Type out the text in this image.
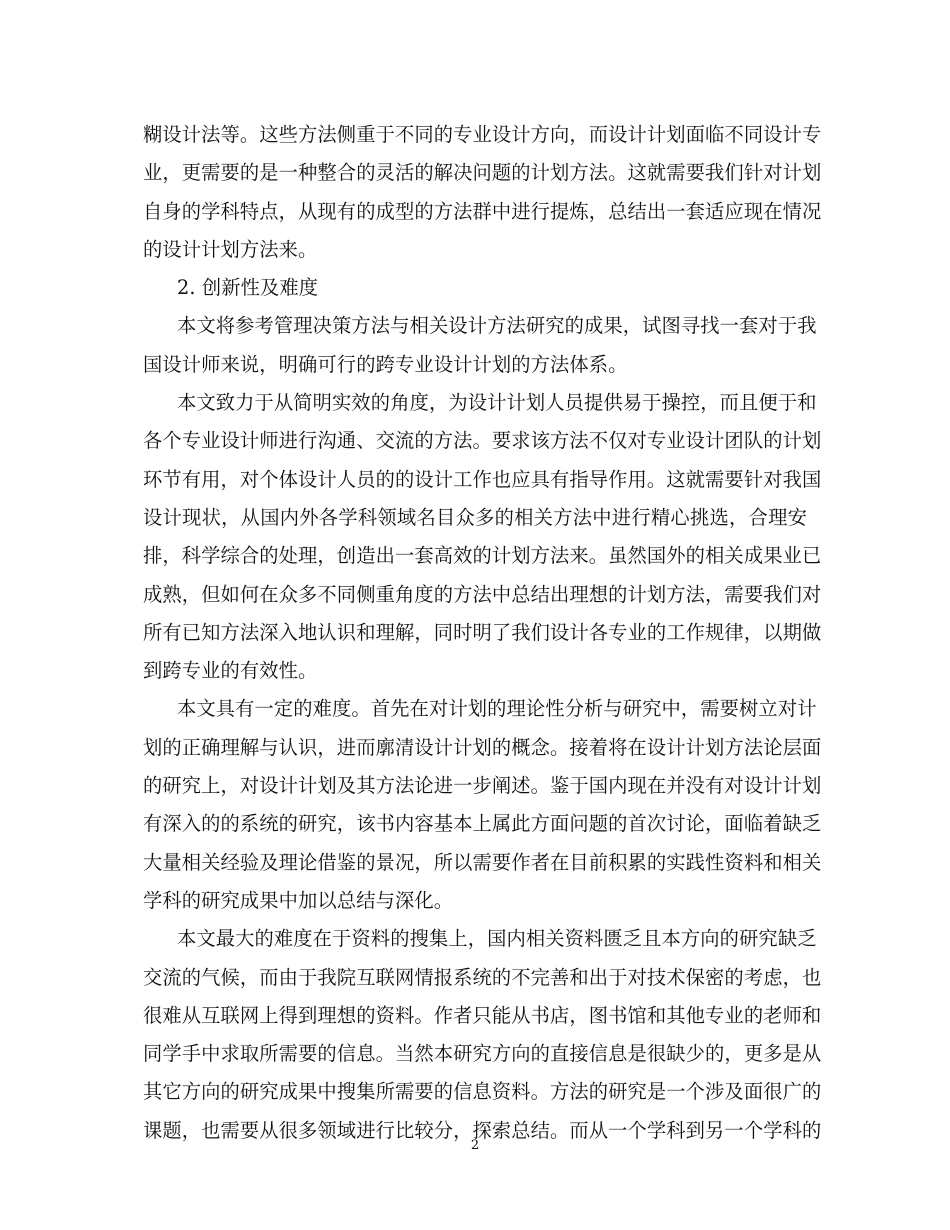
糊设计法等。这些方法侧重于不同的专业设计方向，而设计计划面临不同设计专
业，更需要的是一种整合的灵活的解决问题的计划方法。这就需要我们针对计划
自身的学科特点，从现有的成型的方法群中进行提炼，总结出一套适应现在情况
的设计计划方法来。
2. 创新性及难度
本文将参考管理决策方法与相关设计方法研究的成果，试图寻找一套对于我
国设计师来说，明确可行的跨专业设计计划的方法体系。
本文致力于从简明实效的角度，为设计计划人员提供易于操控，而且便于和
各个专业设计师进行沟通、交流的方法。要求该方法不仅对专业设计团队的计划
环节有用，对个体设计人员的的设计工作也应具有指导作用。这就需要针对我国
设计现状，从国内外各学科领域名目众多的相关方法中进行精心挑选，合理安
排，科学综合的处理，创造出一套高效的计划方法来。虽然国外的相关成果业已
成熟，但如何在众多不同侧重角度的方法中总结出理想的计划方法，需要我们对
所有已知方法深入地认识和理解，同时明了我们设计各专业的工作规律，以期做
到跨专业的有效性。
本文具有一定的难度。首先在对计划的理论性分析与研究中，需要树立对计
划的正确理解与认识，进而廓清设计计划的概念。接着将在设计计划方法论层面
的研究上，对设计计划及其方法论进一步阐述。鉴于国内现在并没有对设计计划
有深入的的系统的研究，该书内容基本上属此方面问题的首次讨论，面临着缺乏
大量相关经验及理论借鉴的景况，所以需要作者在目前积累的实践性资料和相关
学科的研究成果中加以总结与深化。
本文最大的难度在于资料的搜集上，国内相关资料匮乏且本方向的研究缺乏
交流的气候，而由于我院互联网情报系统的不完善和出于对技术保密的考虑，也
很难从互联网上得到理想的资料。作者只能从书店，图书馆和其他专业的老师和
同学手中求取所需要的信息。当然本研究方向的直接信息是很缺少的，更多是从
其它方向的研究成果中搜集所需要的信息资料。方法的研究是一个涉及面很广的
课题，也需要从很多领域进行比较分，探索总结。而从一个学科到另一个学科的
2
